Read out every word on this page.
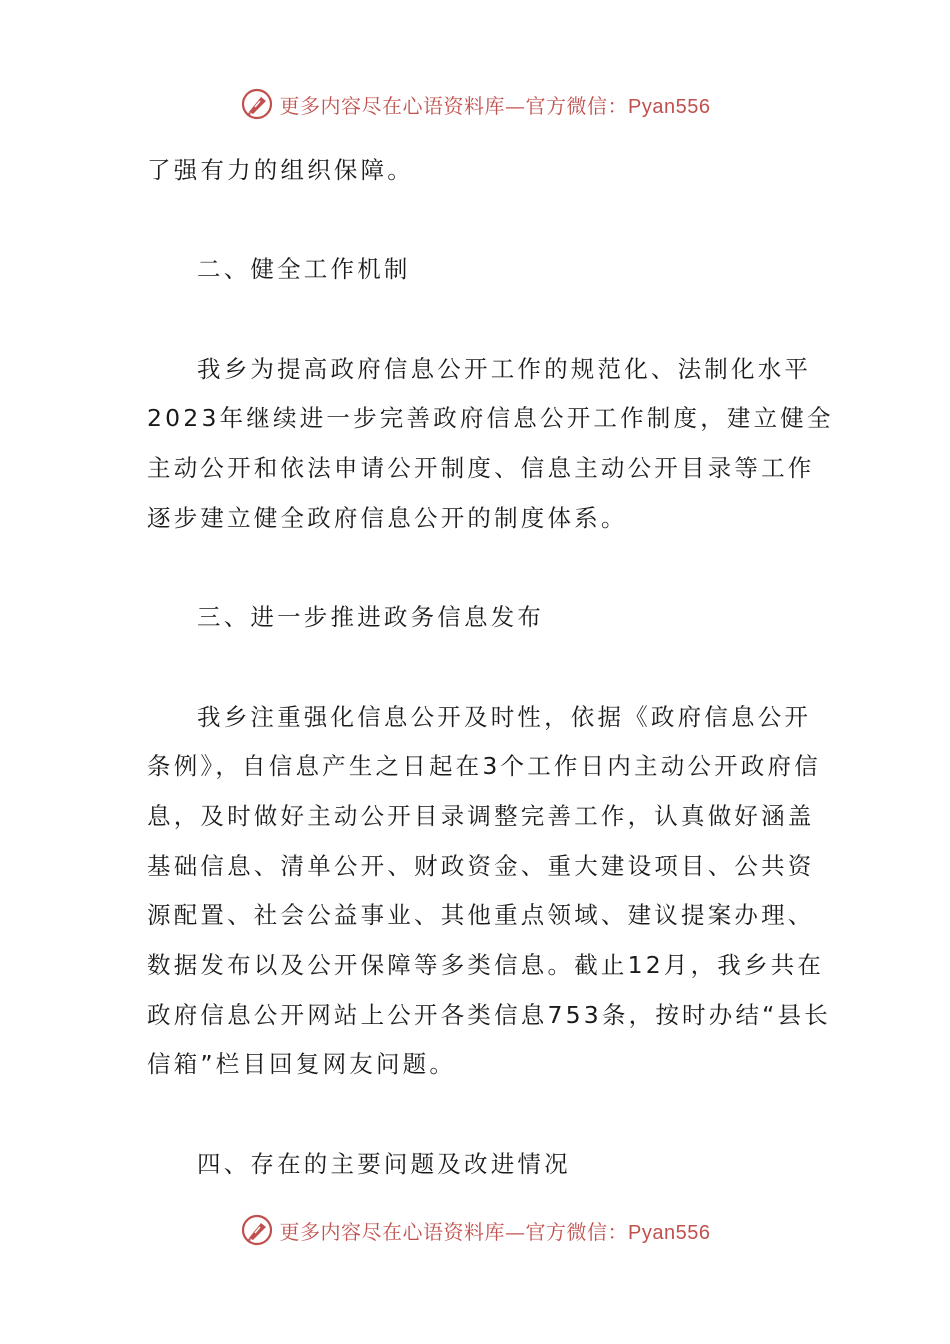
更多内容尽在心语资料库—官方微信：Pyan556

了强有力的组织保障。

二、健全工作机制

我乡为提高政府信息公开工作的规范化、法制化水平

2023年继续进一步完善政府信息公开工作制度，建立健全

主动公开和依法申请公开制度、信息主动公开目录等工作

逐步建立健全政府信息公开的制度体系。

三、进一步推进政务信息发布

我乡注重强化信息公开及时性，依据《政府信息公开

条例》，自信息产生之日起在3个工作日内主动公开政府信

息，及时做好主动公开目录调整完善工作，认真做好涵盖

基础信息、清单公开、财政资金、重大建设项目、公共资

源配置、社会公益事业、其他重点领域、建议提案办理、

数据发布以及公开保障等多类信息。截止12月，我乡共在

政府信息公开网站上公开各类信息753条，按时办结“县长

信箱”栏目回复网友问题。

四、存在的主要问题及改进情况

更多内容尽在心语资料库—官方微信：Pyan556
